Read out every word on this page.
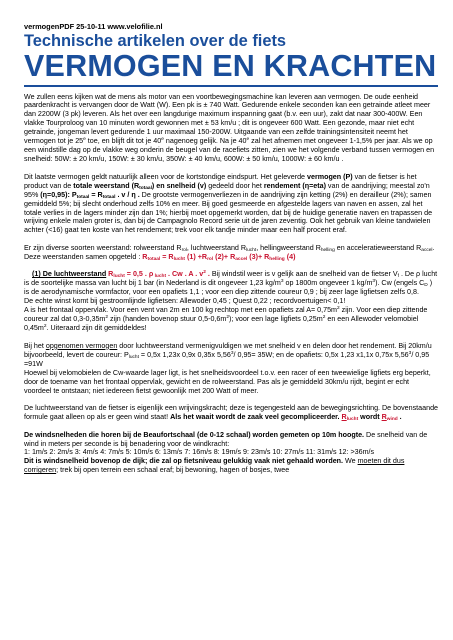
vermogenPDF 25-10-11 www.velofilie.nl

Technische artikelen over de fiets
VERMOGEN EN KRACHTEN

We zullen eens kijken wat de mens als motor van een voortbewegingsmachine kan leveren aan vermogen. De oude eenheid paardenkracht is vervangen door de Watt (W). Een pk is ± 740 Watt. Gedurende enkele seconden kan een getrainde atleet meer dan 2200W (3 pk) leveren. Als het over een langdurige maximum inspanning gaat (b.v. een uur), zakt dat naar 300-400W. Een vlakke Tourproloog van 10 minuten wordt gewonnen met ± 53 km/u ; dit is ongeveer 600 Watt. Een gezonde, maar niet echt getrainde, jongeman levert gedurende 1 uur maximaal 150-200W. Uitgaande van een zelfde trainingsintensiteit neemt het vermogen tot je 25e toe, en blijft dit tot je 40e nagenoeg gelijk. Na je 40e zal het afnemen met ongeveer 1-1,5% per jaar. Als we op een windstille dag op de vlakke weg onderin de beugel van de racefiets zitten, zien we het volgende verband tussen vermogen en snelheid: 50W: ± 20 km/u, 150W: ± 30 km/u, 350W: ± 40 km/u, 600W: ± 50 km/u, 1000W: ± 60 km/u .

Dit laatste vermogen geldt natuurlijk alleen voor de kortstondige eindspurt. Het geleverde vermogen (P) van de fietser is het product van de totale weerstand $(R_{totaal})$ en snelheid (v) gedeeld door het rendement (η=eta) van de aandrijving; meestal zo'n 95% (η=0,95): $P_{totaal} = R_{totaal}$ . v / η . De grootste vermogenverliezen in de aandrijving zijn ketting (2%) en derailleur (2%); samen gemiddeld 5%; bij slecht onderhoud zelfs 10% en meer. Bij goed gesmeerde en afgestelde lagers van naven en assen, zal het totale verlies in de lagers minder zijn dan 1%; hierbij moet opgemerkt worden, dat bij de huidige generatie naven en trapassen de wrijving enkele malen groter is, dan bij de Campagnolo Record serie uit de jaren zeventig. Ook het gebruik van kleine tandwielen achter (<16) gaat ten koste van het rendement; trek voor elk tandje minder maar een half procent eraf.

Er zijn diverse soorten weerstand: rolweerstand $R_{rol}$, luchtweerstand $R_{lucht}$, hellingweerstand $R_{helling}$ en acceleratieweerstand $R_{accel}$.

Deze weerstanden samen opgeteld : $R_{totaal} = R_{lucht}$ $(1) +R_{rol}$ $(2)+ R_{accel}$ $(3)+ R_{helling}$ (4)

(1) De luchtweerstand $R_{lucht} = 0,5$ . ρ $_{lucht}$ . Cw . A . $v^2$ . Bij windstil weer is v gelijk aan de snelheid van de fietser $V_f$ . De ρ lucht is de soortelijke massa van lucht bij 1 bar (in Nederland is dit ongeveer 1,23 $kg/m^3$ op 1800m ongeveer 1 $kg/m^3$). Cw (engels $C_D$ ) is de aerodynamische vormfactor, voor een opafiets 1,1 ; voor een diep zittende coureur 0,9 ; bij zeer lage ligfietsen zelfs 0,8.

De echte winst komt bij gestroomlijnde ligfietsen: Allewoder 0,45 ; Quest 0,22 ; recordvoertuigen< 0,1!

A is het frontaal oppervlak. Voor een vent van 2m en 100 kg rechtop met een opafiets zal $A= 0,75m^2$ zijn. Voor een diep zittende coureur zal dat $0,3-0,35m^2$ zijn (handen bovenop stuur $0,5-0,6m^2$); voor een lage ligfiets $0,25m^2$ en een Allewoder velomobiel $0,45m^2$. Uiteraard zijn dit gemiddeldes!

Bij het opgenomen vermogen door luchtweerstand vermenigvuldigen we met snelheid v en delen door het rendement. Bij 20km/u bijvoorbeeld, levert de coureur: $P_{lucht} = 0,5x$ 1,23x 0,9x 0,35x 5,56$^3$/ 0,95= 35W; en de opafiets: 0,5x 1,23 x1,1x 0,75x 5,56$^3$/ 0,95 =91W

Hoewel bij velomobielen de Cw-waarde lager ligt, is het snelheidsvoordeel t.o.v. een racer of een tweewielige ligfiets erg beperkt, door de toename van het frontaal oppervlak, gewicht en de rolweerstand. Pas als je gemiddeld 30km/u rijdt, begint er echt voordeel te ontstaan; niet iedereen fietst gewoonlijk met 200 Watt of meer.

De luchtweerstand van de fietser is eigenlijk een wrijvingskracht; deze is tegengesteld aan de bewegingsrichting. De bovenstaande formule gaat alleen op als er geen wind staat! Als het waait wordt de zaak veel gecompliceerder. $R_{lucht}$ wordt $R_{wind}$ .

De windsnelheden die horen bij de Beaufortschaal (de 0-12 schaal) worden gemeten op 10m hoogte. De snelheid van de wind in meters per seconde is bij benadering voor de windkracht:

1: 1m/s 2: 2m/s 3: 4m/s 4: 7m/s 5: 10m/s 6: 13m/s 7: 16m/s 8: 19m/s 9: 23m/s 10: 27m/s 11: 31m/s 12: >36m/s

Dit is windsnelheid bovenop de dijk; die zal op fietsniveau gelukkig vaak niet gehaald worden. We moeten dit dus corrigeren; trek bij open terrein een schaal eraf; bij bewoning, hagen of bosjes, twee
